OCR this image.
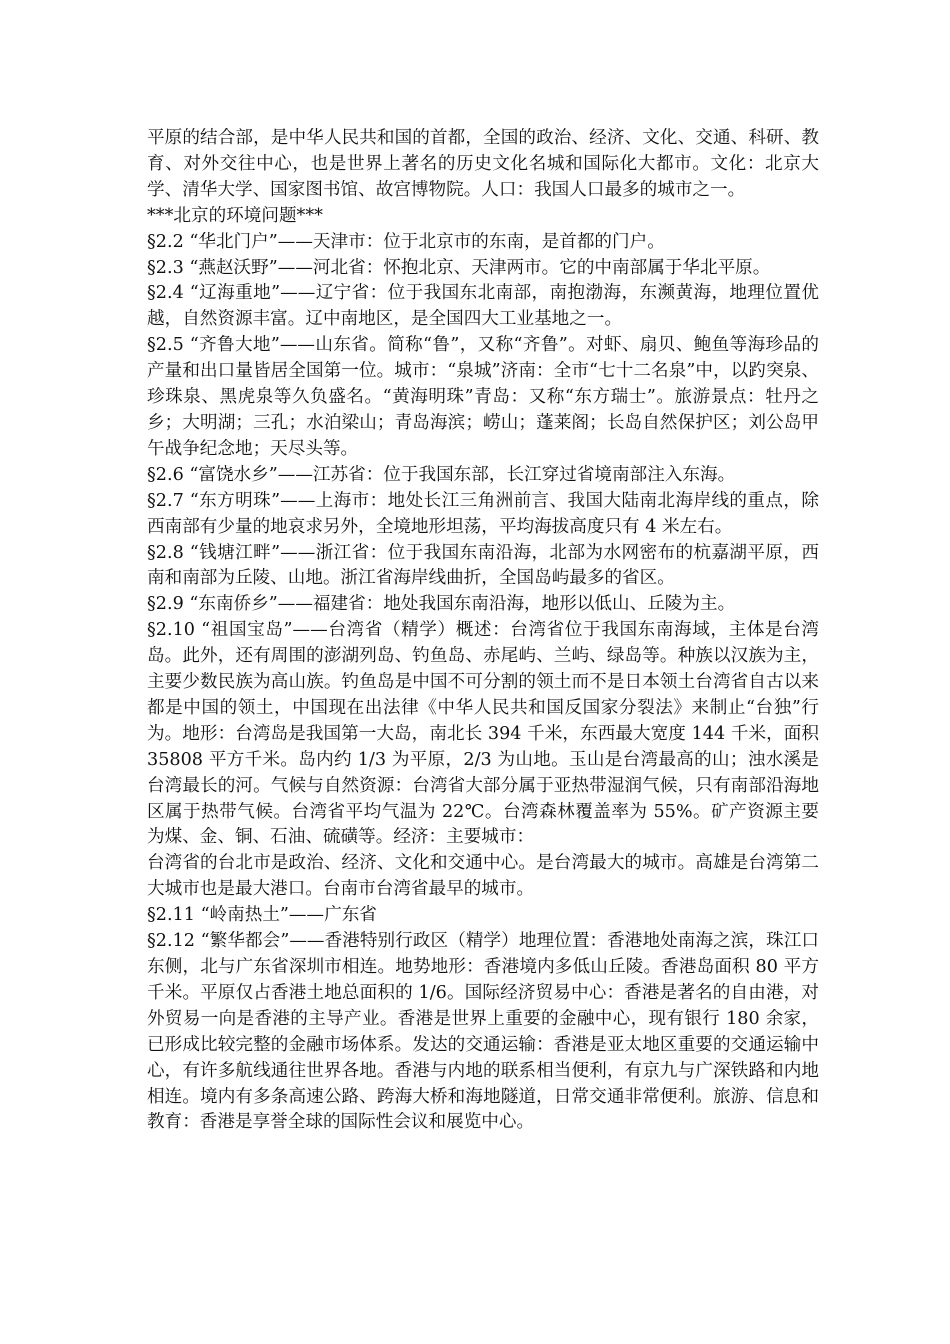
平原的结合部，是中华人民共和国的首都，全国的政治、经济、文化、交通、科研、教育、对外交往中心，也是世界上著名的历史文化名城和国际化大都市。文化：北京大学、清华大学、国家图书馆、故宫博物院。人口：我国人口最多的城市之一。

***北京的环境问题***

§2.2 “华北门户”——天津市：位于北京市的东南，是首都的门户。

§2.3 “燕赵沃野”——河北省：怀抱北京、天津两市。它的中南部属于华北平原。

§2.4 “辽海重地”——辽宁省：位于我国东北南部，南抱渤海，东濒黄海，地理位置优越，自然资源丰富。辽中南地区，是全国四大工业基地之一。

§2.5 “齐鲁大地”——山东省。简称“鲁”，又称“齐鲁”。对虾、扇贝、鲍鱼等海珍品的产量和出口量皆居全国第一位。城市：“泉城”济南：全市“七十二名泉”中，以趵突泉、珍珠泉、黑虎泉等久负盛名。“黄海明珠”青岛：又称“东方瑞士”。旅游景点：牡丹之乡；大明湖；三孔；水泊梁山；青岛海滨；崂山；蓬莱阁；长岛自然保护区；刘公岛甲午战争纪念地；天尽头等。

§2.6 “富饶水乡”——江苏省：位于我国东部，长江穿过省境南部注入东海。

§2.7 “东方明珠”——上海市：地处长江三角洲前言、我国大陆南北海岸线的重点，除西南部有少量的地哀求另外，全境地形坦荡，平均海拔高度只有 4 米左右。

§2.8 “钱塘江畔”——浙江省：位于我国东南沿海，北部为水网密布的杭嘉湖平原，西南和南部为丘陵、山地。浙江省海岸线曲折，全国岛屿最多的省区。

§2.9 “东南侨乡”——福建省：地处我国东南沿海，地形以低山、丘陵为主。

§2.10 “祖国宝岛”——台湾省（精学）概述：台湾省位于我国东南海域，主体是台湾岛。此外，还有周围的澎湖列岛、钓鱼岛、赤尾屿、兰屿、绿岛等。种族以汉族为主，主要少数民族为高山族。钓鱼岛是中国不可分割的领土而不是日本领土台湾省自古以来都是中国的领土，中国现在出法律《中华人民共和国反国家分裂法》来制止“台独”行为。地形：台湾岛是我国第一大岛，南北长 394 千米，东西最大宽度 144 千米，面积 35808 平方千米。岛内约 1/3 为平原，2/3 为山地。玉山是台湾最高的山；浊水溪是台湾最长的河。气候与自然资源：台湾省大部分属于亚热带湿润气候，只有南部沿海地区属于热带气候。台湾省平均气温为 22℃。台湾森林覆盖率为 55%。矿产资源主要为煤、金、铜、石油、硫磺等。经济：主要城市：

台湾省的台北市是政治、经济、文化和交通中心。是台湾最大的城市。高雄是台湾第二大城市也是最大港口。台南市台湾省最早的城市。

§2.11 “岭南热土”——广东省

§2.12 “繁华都会”——香港特别行政区（精学）地理位置：香港地处南海之滨，珠江口东侧，北与广东省深圳市相连。地势地形：香港境内多低山丘陵。香港岛面积 80 平方千米。平原仅占香港土地总面积的 1/6。国际经济贸易中心：香港是著名的自由港，对外贸易一向是香港的主导产业。香港是世界上重要的金融中心，现有银行 180 余家，已形成比较完整的金融市场体系。发达的交通运输：香港是亚太地区重要的交通运输中心，有许多航线通往世界各地。香港与内地的联系相当便利，有京九与广深铁路和内地相连。境内有多条高速公路、跨海大桥和海地隧道，日常交通非常便利。旅游、信息和教育：香港是享誉全球的国际性会议和展览中心。
